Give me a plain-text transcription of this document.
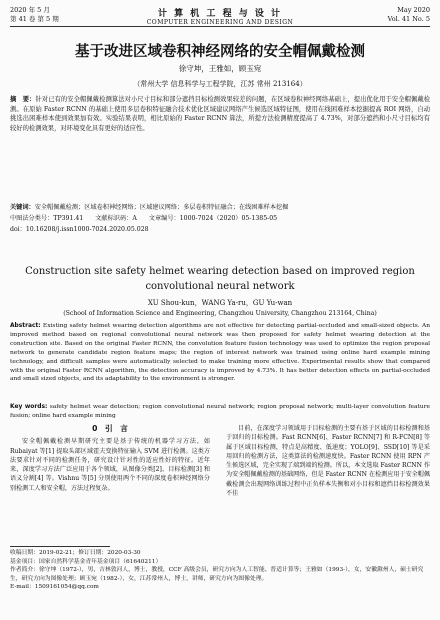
2020 年 5 月
第 41 卷 第 5 期	计 算 机 工 程 与 设 计
COMPUTER ENGINEERING AND DESIGN
May 2020
Vol. 41 No. 5
基于改进区域卷积神经网络的安全帽佩戴检测
徐守坤，王雅如，顾玉宛
（常州大学 信息科学与工程学院，江苏 常州 213164）
摘　要：针对已有的安全帽佩戴检测算法对小尺寸目标和部分遮挡目标检测效果较差的问题，在区域卷积神经网络基础上，提出优化用于安全帽佩戴检测。在原始 Faster RCNN 的基础上使用多层卷积特征融合技术优化区域建议网络产生候选区域特征图，使用在线困难样本挖掘提高 ROI 网络，自动挑选出困难样本使到效果加有效。实验结果表明，相比原始的 Faster RCNN 算法，所提方法检测精度提高了 4.73%，对部分遮挡和小尺寸目标均有较好的检测效果，对环境变化具有更好的适应性。
关键词：安全帽佩戴检测；区域卷积神经网络；区域建议网络；多层卷积特征融合；在线困难样本挖掘
中图法分类号：TP391.41 文献标识码：A 文章编号：1000-7024（2020）05-1385-05
doi：10.16208/j.issn1000-7024.2020.05.028
Construction site safety helmet wearing detection based on improved region convolutional neural network
XU Shou-kun，WANG Ya-ru，GU Yu-wan
(School of Information Science and Engineering, Changzhou University, Changzhou 213164, China)
Abstract: Existing safety helmet wearing detection algorithms are not effective for detecting partial-occluded and small-sized objects. An improved method based on regional convolutional neural network was then proposed for safety helmet wearing detection at the construction site. Based on the original Faster RCNN, the convolution feature fusion technology was used to optimize the region proposal network to generate candidate region feature maps; the region of interest network was trained using online hard example mining technology, and difficult samples were automatically selected to make training more effective. Experimental results show that compared with the original Faster RCNN algorithm, the detection accuracy is improved by 4.73%. It has better detection effects on partial-occluded and small sized objects, and its adaptability to the environment is stronger.
Key words: safety helmet wear detection; region convolutional neural network; region proposal network; multi-layer convolution feature fusion; online hard example mining
0　引　言

安全帽佩戴检测早期研究主要是基于传统的机器学习方法，如 Rubaiyat 等[1] 提取头部区域霍夫变换特征输入 SVM 进行检测。这类方法要求针对不同的检测任务，研究设计针对性的适应性好的特征。近年来，深度学习方法广泛应用于各个领域，从图像分类[2]、目标检测[3] 和语义分割[4] 等。Vishnu 等[5] 分别使用两个不同的深度卷积神经网络分别检测工人和安全帽，方法过程复杂。

目前，在深度学习领域用于目标检测的主要有基于区域的目标检测和基于回归的目标检测。Fast RCNN[6]、Faster RCNN[7] 和 R-FCN[8] 等属于区域目标检测，特点是高精度、低速度；YOLO[9]、SSD[10] 等是采用回归的检测方法，这类算法的检测速度快。Faster RCNN 使用 RPN 产生候选区域，完全实现了端到端的检测。所以，本文选取 Faster RCNN 作为安全帽佩戴检测的基础网络，但是 Faster RCNN 在检测应用于安全帽佩戴检测会出现网络训练过程中正负样本失衡和对小目标和遮挡目标检测效果不佳

收稿日期：2019-02-21；修订日期：2020-03-30
基金项目：国家自然科学基金青年基金项目（61640211）
作者简介：徐守坤（1972-），男，吉林敦河人，博士，教授，CCF 高级会员，研究方向为人工智能、普适计算等；王雅如（1993-），女，安徽滁州人，硕士研究生，研究方向为图像处理；顾玉宛（1982-），女，江苏常州人，博士，讲师，研究方向为图像处理。
E-mail：1509161054@qq.com
